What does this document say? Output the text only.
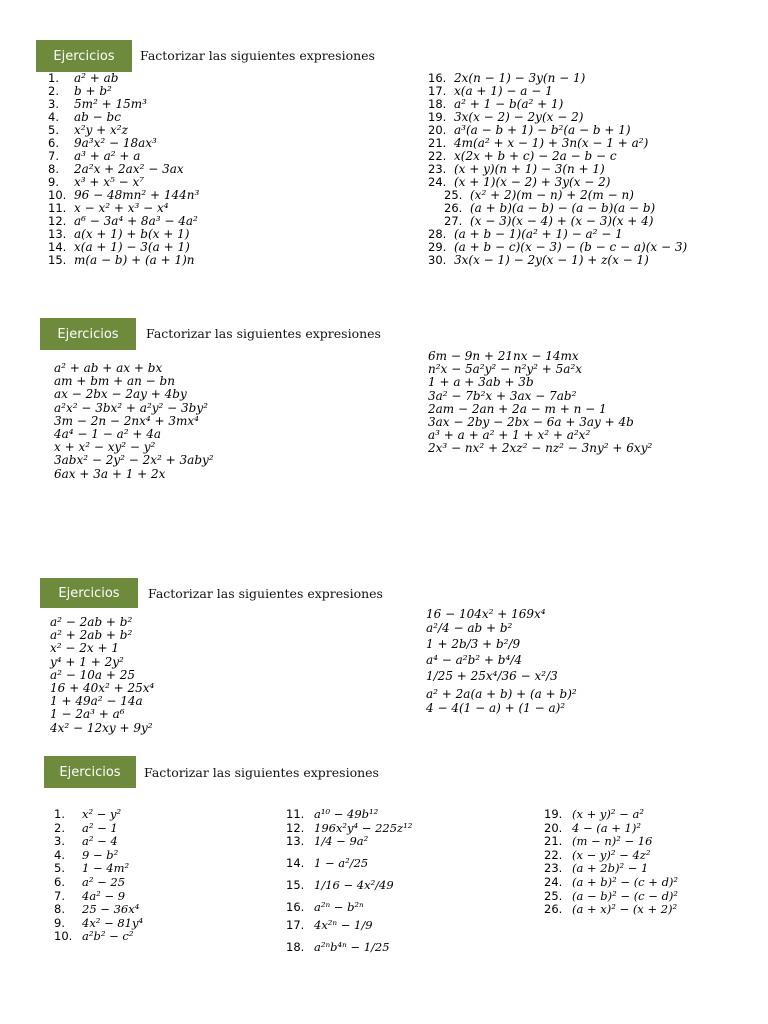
Ejercicios	Factorizar las siguientes expresiones
1. a² + ab
2. b + b²
3. 5m² + 15m³
4. ab − bc
5. x²y + x²z
6. 9a³x² − 18ax³
7. a³ + a² + a
8. 2a²x + 2ax² − 3ax
9. x³ + x⁵ − x⁷
10. 96 − 48mn² + 144n³
11. x − x² + x³ − x⁴
12. a⁶ − 3a⁴ + 8a³ − 4a²
13. a(x + 1) + b(x + 1)
14. x(a + 1) − 3(a + 1)
15. m(a − b) + (a + 1)n
16. 2x(n − 1) − 3y(n − 1)
17. x(a + 1) − a − 1
18. a² + 1 − b(a² + 1)
19. 3x(x − 2) − 2y(x − 2)
20. a³(a − b + 1) − b²(a − b + 1)
21. 4m(a² + x − 1) + 3n(x − 1 + a²)
22. x(2x + b + c) − 2a − b − c
23. (x + y)(n + 1) − 3(n + 1)
24. (x + 1)(x − 2) + 3y(x − 2)
25. (x² + 2)(m − n) + 2(m − n)
26. (a + b)(a − b) − (a − b)(a − b)
27. (x − 3)(x − 4) + (x − 3)(x + 4)
28. (a + b − 1)(a² + 1) − a² − 1
29. (a + b − c)(x − 3) − (b − c − a)(x − 3)
30. 3x(x − 1) − 2y(x − 1) + z(x − 1)
Ejercicios	Factorizar las siguientes expresiones
a² + ab + ax + bx
am + bm + an − bn
ax − 2bx − 2ay + 4by
a²x² − 3bx² + a²y² − 3by²
3m − 2n − 2nx⁴ + 3mx⁴
4a⁴ − 1 − a² + 4a
x + x² − xy² − y²
3abx² − 2y² − 2x² + 3aby²
6ax + 3a + 1 + 2x
6m − 9n + 21nx − 14mx
n²x − 5a²y² − n²y² + 5a²x
1 + a + 3ab + 3b
3a² − 7b²x + 3ax − 7ab²
2am − 2an + 2a − m + n − 1
3ax − 2by − 2bx − 6a + 3ay + 4b
a³ + a + a² + 1 + x² + a²x²
2x³ − nx² + 2xz² − nz² − 3ny² + 6xy²
Ejercicios	Factorizar las siguientes expresiones
a² − 2ab + b²
a² + 2ab + b²
x² − 2x + 1
y⁴ + 1 + 2y²
a² − 10a + 25
16 + 40x² + 25x⁴
1 + 49a² − 14a
1 − 2a³ + a⁶
4x² − 12xy + 9y²
16 − 104x² + 169x⁴
a²/4 − ab + b²
1 + 2b/3 + b²/9
a⁴ − a²b² + b⁴/4
1/25 + 25x⁴/36 − x²/3
a² + 2a(a + b) + (a + b)²
4 − 4(1 − a) + (1 − a)²
Ejercicios	Factorizar las siguientes expresiones
1. x² − y²
2. a² − 1
3. a² − 4
4. 9 − b²
5. 1 − 4m²
6. a² − 25
7. 4a² − 9
8. 25 − 36x⁴
9. 4x² − 81y⁴
10. a²b² − c²
11. a¹⁰ − 49b¹²
12. 196x²y⁴ − 225z¹²
13. 1/4 − 9a²
14. 1 − a²/25
15. 1/16 − 4x²/49
16. a²ⁿ − b²ⁿ
17. 4x²ⁿ − 1/9
18. a²ⁿb⁴ⁿ − 1/25
19. (x + y)² − a²
20. 4 − (a + 1)²
21. (m − n)² − 16
22. (x − y)² − 4z²
23. (a + 2b)² − 1
24. (a + b)² − (c + d)²
25. (a − b)² − (c − d)²
26. (a + x)² − (x + 2)²
